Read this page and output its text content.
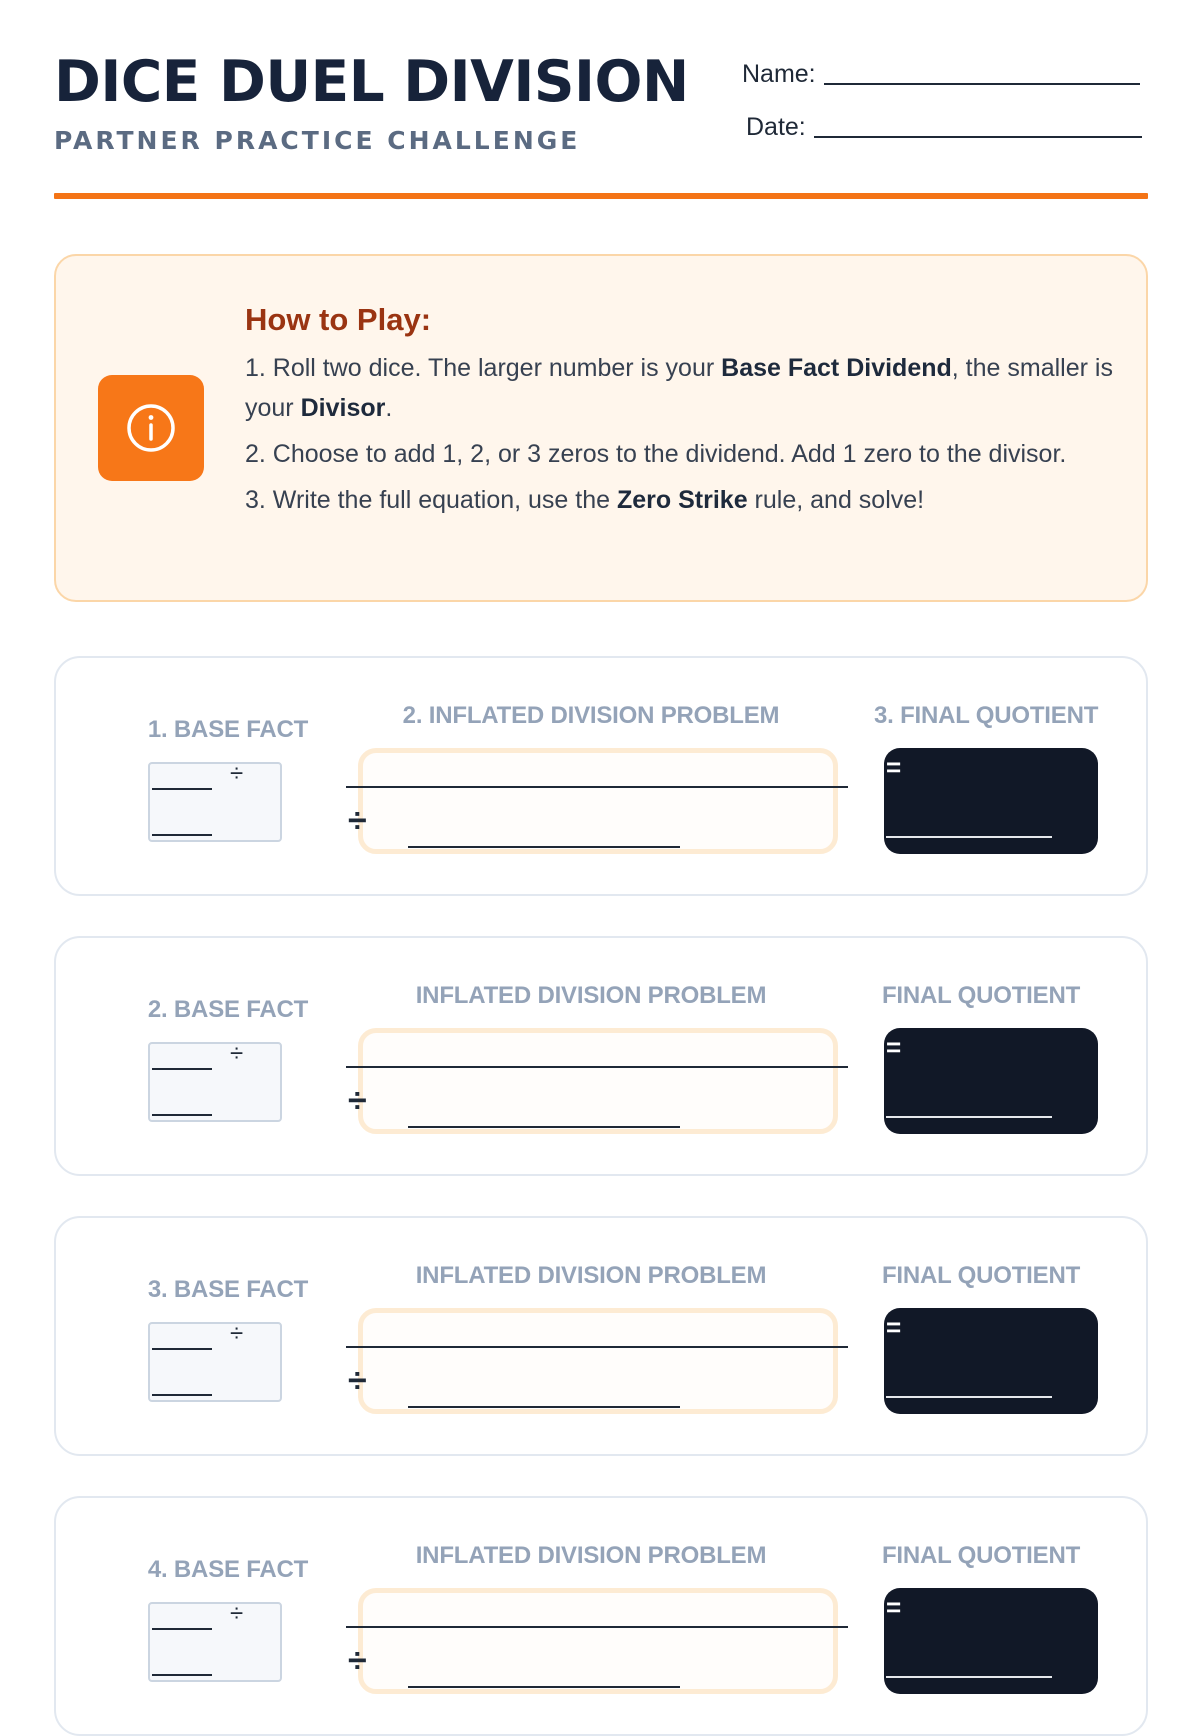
DICE DUEL DIVISION
PARTNER PRACTICE CHALLENGE
Name:
Date:
How to Play:
1. Roll two dice. The larger number is your Base Fact Dividend, the smaller is your Divisor.
2. Choose to add 1, 2, or 3 zeros to the dividend. Add 1 zero to the divisor.
3. Write the full equation, use the Zero Strike rule, and solve!

1. BASE FACT

÷

2. INFLATED DIVISION PROBLEM

÷

3. FINAL QUOTIENT

=

2. BASE FACT

÷

INFLATED DIVISION PROBLEM

÷

FINAL QUOTIENT

=

3. BASE FACT

÷

INFLATED DIVISION PROBLEM

÷

FINAL QUOTIENT

=

4. BASE FACT

÷

INFLATED DIVISION PROBLEM

÷

FINAL QUOTIENT

=
